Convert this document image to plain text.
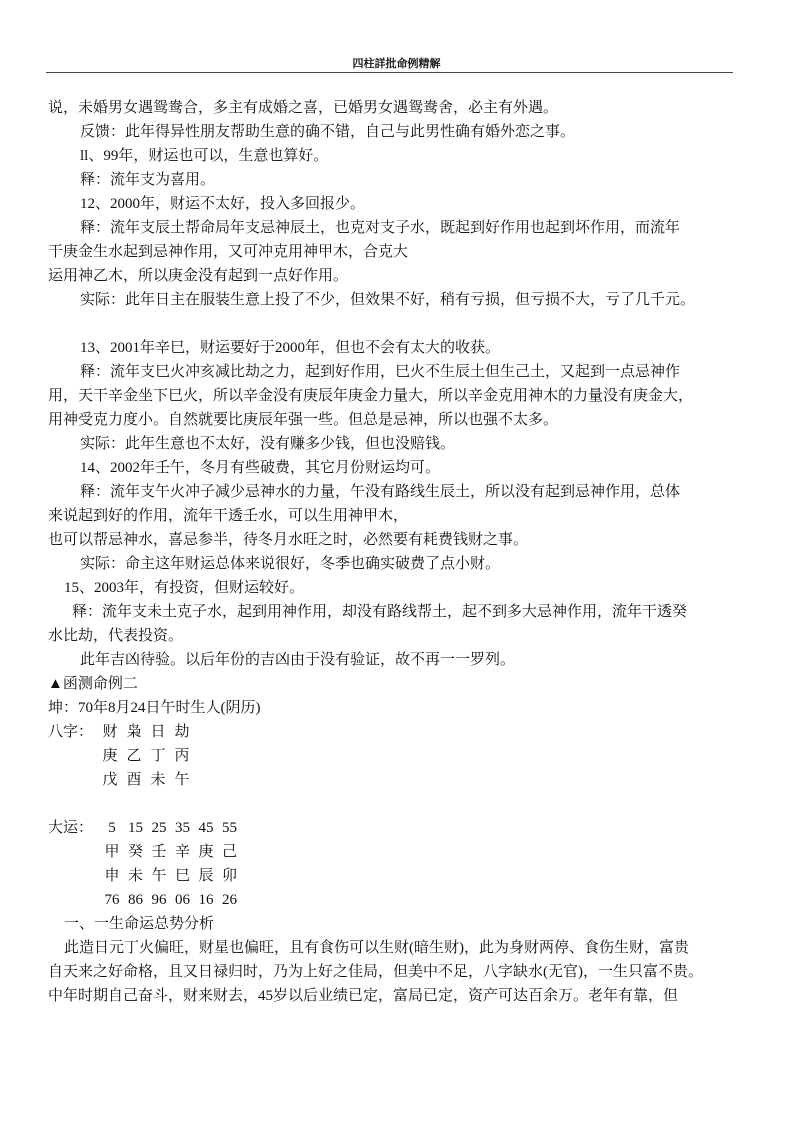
四柱詳批命例精解
说，未婚男女遇鸳鸯合，多主有成婚之喜，已婚男女遇鸳鸯舍，必主有外遇。
反馈：此年得异性朋友帮助生意的确不错，自己与此男性确有婚外恋之事。
ll、99年，财运也可以，生意也算好。
释：流年支为喜用。
12、2000年，财运不太好，投入多回报少。
释：流年支辰土帮命局年支忌神辰土，也克对支子水，既起到好作用也起到坏作用，而流年
干庚金生水起到忌神作用，又可冲克用神甲木，合克大
运用神乙木，所以庚金没有起到一点好作用。
实际：此年日主在服装生意上投了不少，但效果不好，稍有亏损，但亏损不大，亏了几千元。
13、2001年辛巳，财运要好于2000年，但也不会有太大的收获。
释：流年支巳火冲亥减比劫之力，起到好作用，巳火不生辰土但生己土，又起到一点忌神作
用，天干辛金坐下巳火，所以辛金没有庚辰年庚金力量大，所以辛金克用神木的力量没有庚金大，
用神受克力度小。自然就要比庚辰年强一些。但总是忌神，所以也强不太多。
实际：此年生意也不太好，没有赚多少钱，但也没赔钱。
14、2002年壬午，冬月有些破费，其它月份财运均可。
释：流年支午火冲子减少忌神水的力量，午没有路线生辰土，所以没有起到忌神作用，总体
来说起到好的作用，流年干透壬水，可以生用神甲木，
也可以帮忌神水，喜忌参半，待冬月水旺之时，必然要有耗费钱财之事。
实际：命主这年财运总体来说很好，冬季也确实破费了点小财。
15、2003年，有投资，但财运较好。
释：流年支未土克子水，起到用神作用，却没有路线帮土，起不到多大忌神作用，流年干透癸
水比劫，代表投资。
此年吉凶待验。以后年份的吉凶由于没有验证，故不再一一罗列。
▲函测命例二
坤：70年8月24日午时生人(阴历)
八字： 财 枭 日 劫
庚 乙 丁 丙
戊 酉 未 午
大运：	5 15 25 35 45 55
甲 癸 壬 辛 庚 己
申 未 午 巳 辰 卯
76 86 96 06 16 26
一、一生命运总势分析
此造日元丁火偏旺，财星也偏旺，且有食伤可以生财(暗生财)，此为身财两停、食伤生财，富贵
自天来之好命格，且又日禄归时，乃为上好之佳局，但美中不足，八字缺水(无官)，一生只富不贵。
中年时期自己奋斗，财来财去，45岁以后业绩已定，富局已定，资产可达百余万。老年有靠，但
